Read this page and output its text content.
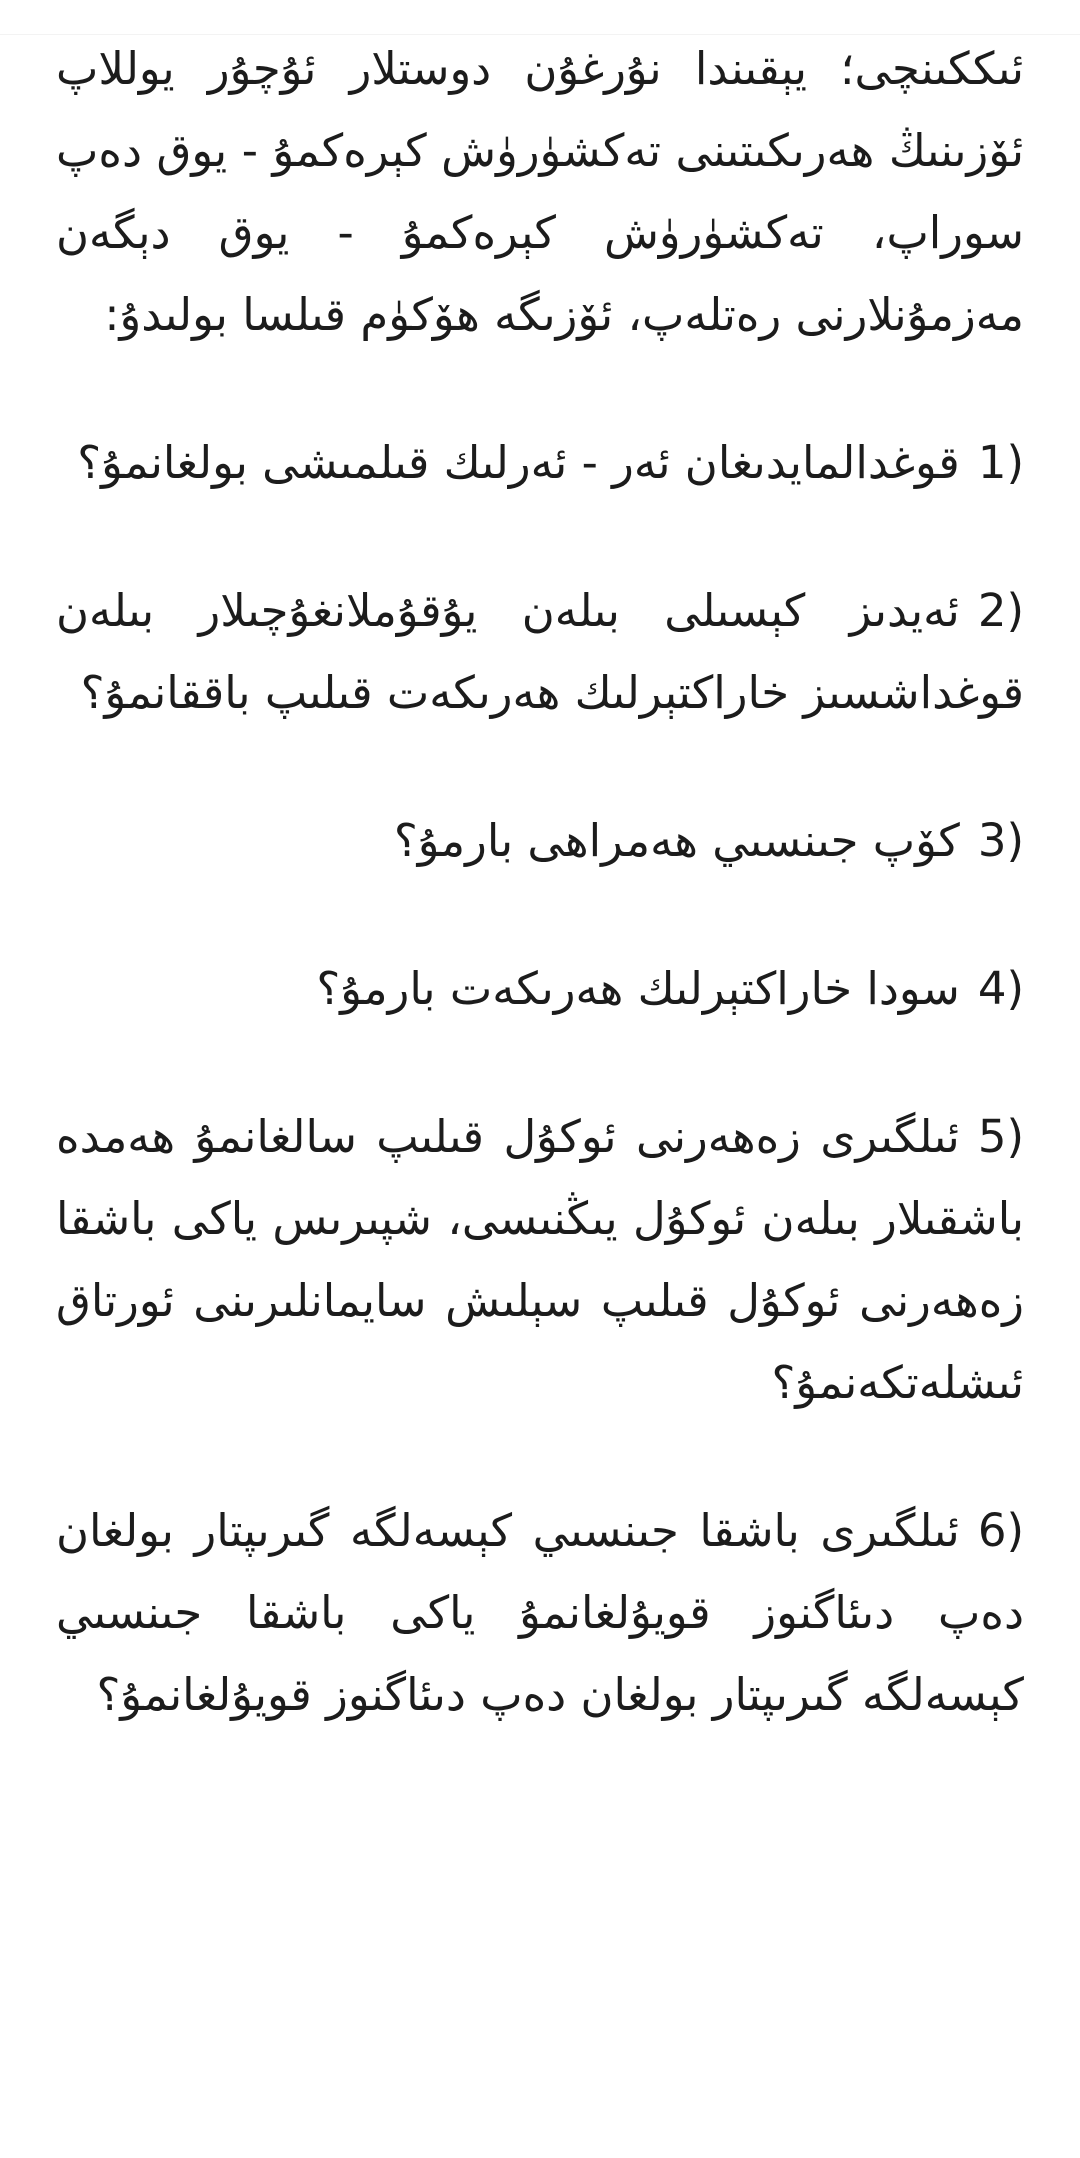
ئىككىنچى؛ يېقىندا نۇرغۇن دوستلار ئۇچۇر يوللاپ ئۆزىنىڭ ھەرىكىتىنى تەكشۈرۈش كېرەكمۇ - يوق دەپ سوراپ، تەكشۈرۈش كېرەكمۇ - يوق دېگەن مەزمۇنلارنى رەتلەپ، ئۆزىگە ھۆكۈم قىلسا بولىدۇ:

1)قوغدالمايدىغان ئەر - ئەرلىك قىلمىشى بولغانمۇ؟

2)ئەيدىز كېسىلى بىلەن يۇقۇملانغۇچىلار بىلەن قوغداشسىز خاراكتېرلىك ھەرىكەت قىلىپ باققانمۇ؟

3)كۆپ جىنسىي ھەمراھى بارمۇ؟

4)سودا خاراكتېرلىك ھەرىكەت بارمۇ؟

5)ئىلگىرى زەھەرنى ئوكۇل قىلىپ سالغانمۇ ھەمدە باشقىلار بىلەن ئوكۇل يىڭنىسى، شپىرىس ياكى باشقا زەھەرنى ئوكۇل قىلىپ سېلىش سايمانلىرىنى ئورتاق ئىشلەتكەنمۇ؟

6)ئىلگىرى باشقا جىنسىي كېسەلگە گىرىپتار بولغان دەپ دىئاگنوز قويۇلغانمۇ ياكى باشقا جىنسىي كېسەلگە گىرىپتار بولغان دەپ دىئاگنوز قويۇلغانمۇ؟
